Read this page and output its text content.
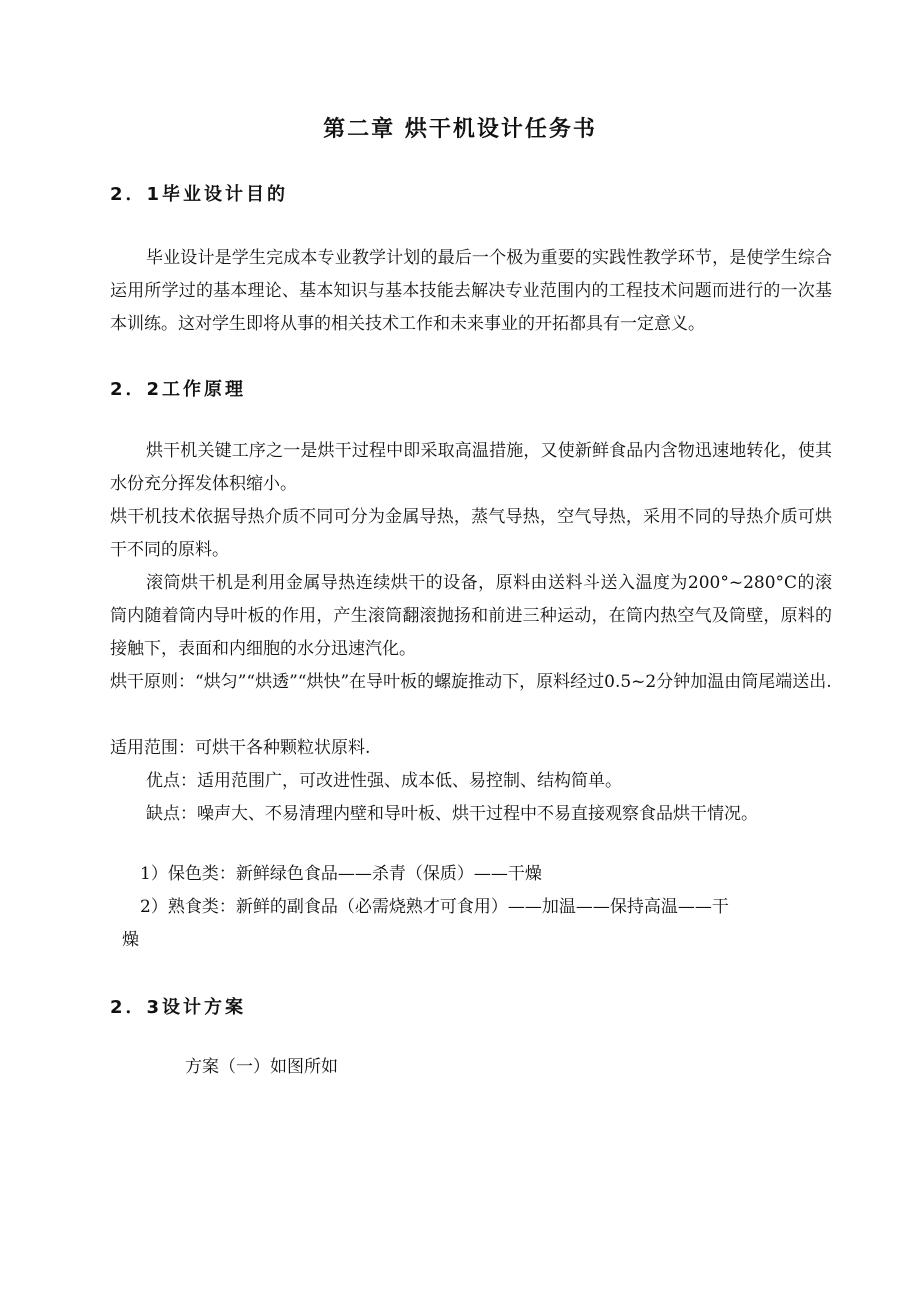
第二章 烘干机设计任务书
2．1毕业设计目的

毕业设计是学生完成本专业教学计划的最后一个极为重要的实践性教学环节，是使学生综合运用所学过的基本理论、基本知识与基本技能去解决专业范围内的工程技术问题而进行的一次基本训练。这对学生即将从事的相关技术工作和未来事业的开拓都具有一定意义。

2．2工作原理

烘干机关键工序之一是烘干过程中即采取高温措施，又使新鲜食品内含物迅速地转化，使其水份充分挥发体积缩小。

烘干机技术依据导热介质不同可分为金属导热，蒸气导热，空气导热，采用不同的导热介质可烘干不同的原料。

滚筒烘干机是利用金属导热连续烘干的设备，原料由送料斗送入温度为200°~280°C的滚筒内随着筒内导叶板的作用，产生滚筒翻滚抛扬和前进三种运动，在筒内热空气及筒壁，原料的接触下，表面和内细胞的水分迅速汽化。

烘干原则：“烘匀”“烘透”“烘快”在导叶板的螺旋推动下，原料经过0.5~2分钟加温由筒尾端送出.

适用范围：可烘干各种颗粒状原料.

优点：适用范围广，可改进性强、成本低、易控制、结构简单。

缺点：噪声大、不易清理内壁和导叶板、烘干过程中不易直接观察食品烘干情况。

1）保色类：新鲜绿色食品——杀青（保质）——干燥
2）熟食类：新鲜的副食品（必需烧熟才可食用）——加温——保持高温——干
燥
2．3设计方案
方案（一）如图所如
